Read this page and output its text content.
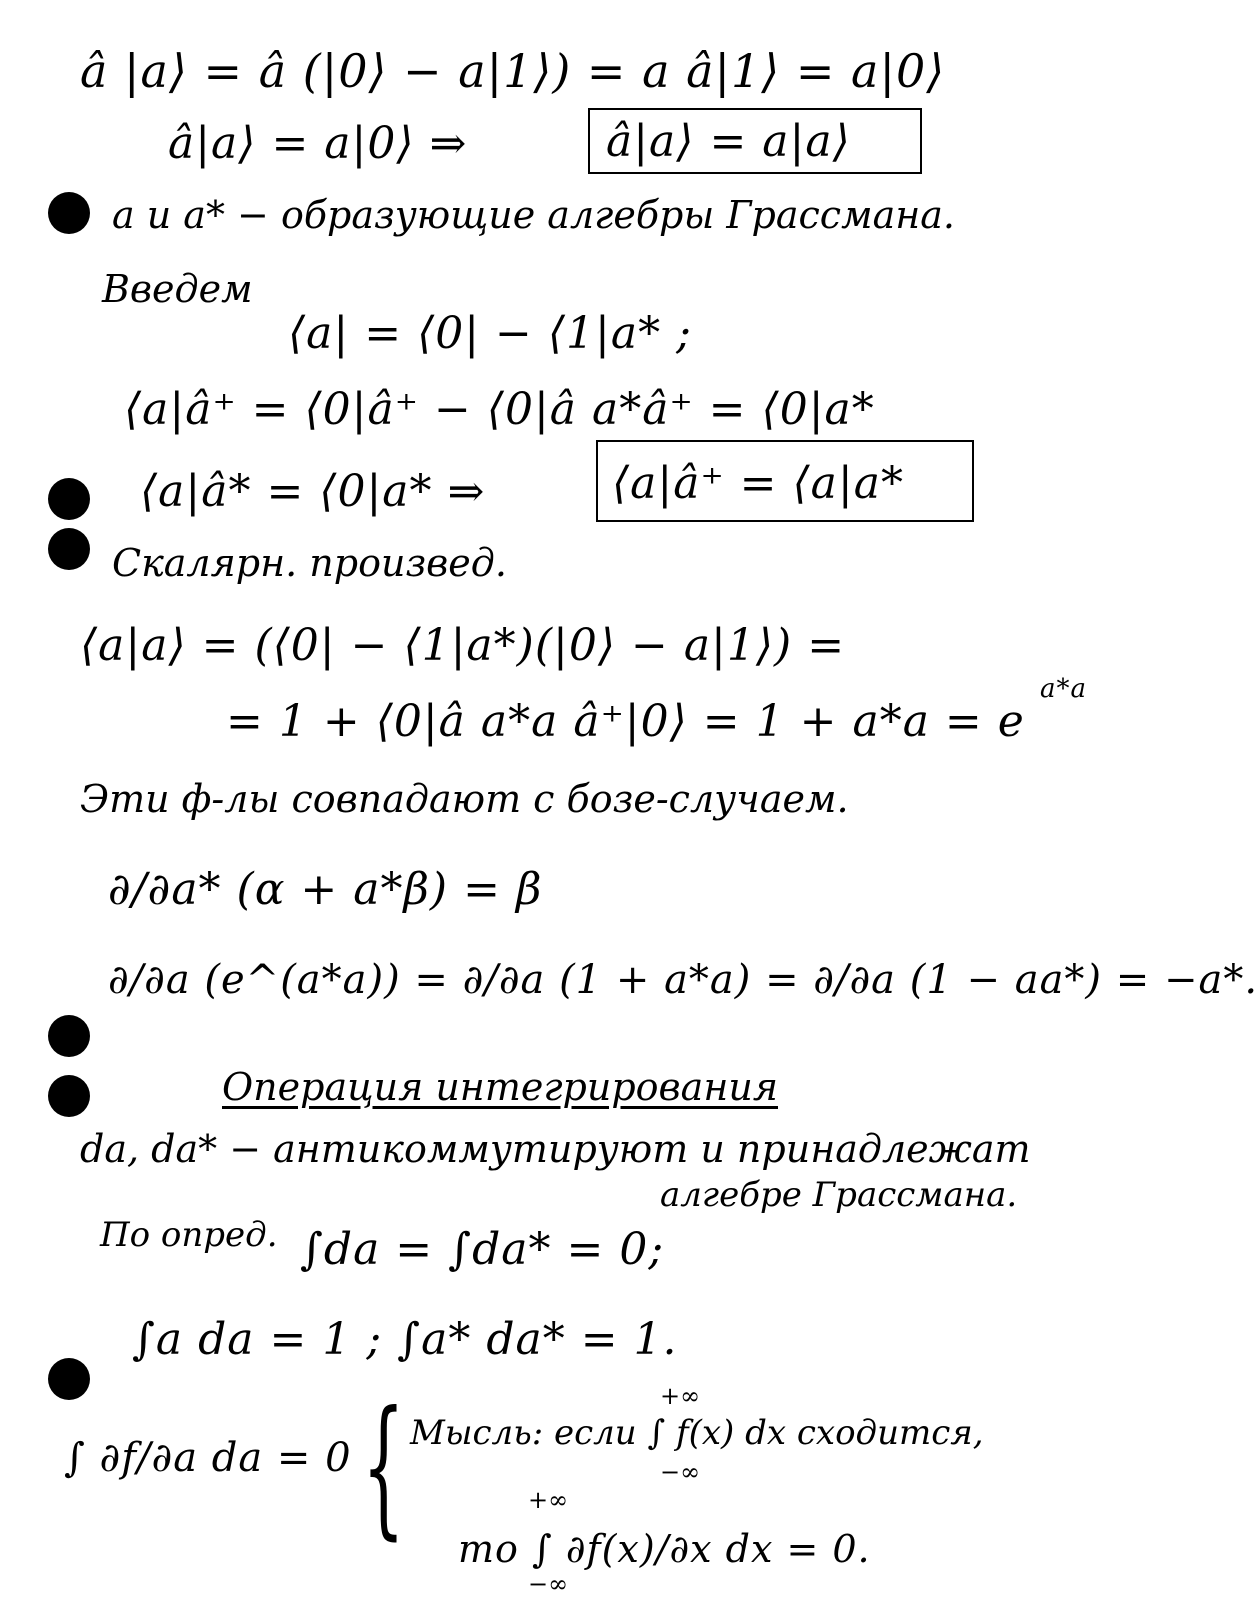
â |a⟩ = â (|0⟩ − a|1⟩) = a â|1⟩ = a|0⟩
â|a⟩ = a|0⟩ ⇒	â|a⟩ = a|a⟩
a и a* − образующие алгебры Грассмана.
Введем
⟨a| = ⟨0| − ⟨1|a* ;
⟨a|â⁺ = ⟨0|â⁺ − ⟨0|â a*â⁺ = ⟨0|a*
⟨a|â* = ⟨0|a* ⇒	⟨a|â⁺ = ⟨a|a*
Скалярн. произвед.
⟨a|a⟩ = (⟨0| − ⟨1|a*)(|0⟩ − a|1⟩) =
= 1 + ⟨0|â a*a â⁺|0⟩ = 1 + a*a = e
a*a
Эти ф-лы совпадают с бозе-случаем.
∂/∂a* (α + a*β) = β
∂/∂a (e^(a*a)) = ∂/∂a (1 + a*a) = ∂/∂a (1 − aa*) = −a*.
Операция интегрирования
da, da* − антикоммутируют и принадлежат
алгебре Грассмана.
По опред. ∫da = ∫da* = 0;
∫a da = 1 ; ∫a* da* = 1.
∫ ∂f/∂a da = 0 { Мысль: если ∫ f(x) dx сходится,
+∞
−∞
то ∫ ∂f(x)/∂x dx = 0.
+∞
−∞
